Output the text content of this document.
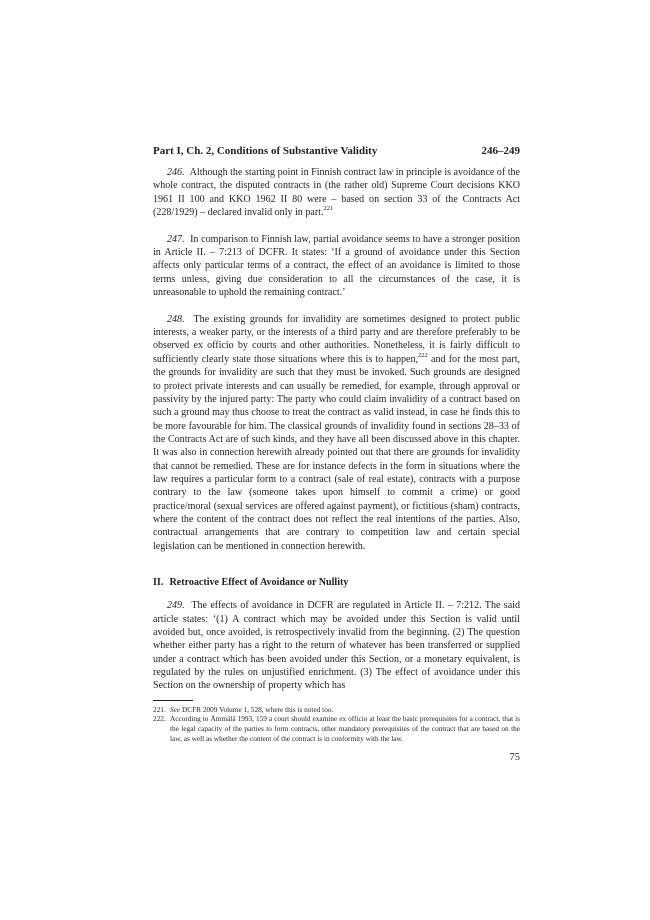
Part I, Ch. 2, Conditions of Substantive Validity	246–249

246. Although the starting point in Finnish contract law in principle is avoidance of the whole contract, the disputed contracts in (the rather old) Supreme Court decisions KKO 1961 II 100 and KKO 1962 II 80 were – based on section 33 of the Contracts Act (228/1929) – declared invalid only in part.$^{221}$

247. In comparison to Finnish law, partial avoidance seems to have a stronger position in Article II. – 7:213 of DCFR. It states: ‘If a ground of avoidance under this Section affects only particular terms of a contract, the effect of an avoidance is limited to those terms unless, giving due consideration to all the circumstances of the case, it is unreasonable to uphold the remaining contract.’

248. The existing grounds for invalidity are sometimes designed to protect public interests, a weaker party, or the interests of a third party and are therefore preferably to be observed ex officio by courts and other authorities. Nonetheless, it is fairly difficult to sufficiently clearly state those situations where this is to happen,$^{222}$ and for the most part, the grounds for invalidity are such that they must be invoked. Such grounds are designed to protect private interests and can usually be remedied, for example, through approval or passivity by the injured party: The party who could claim invalidity of a contract based on such a ground may thus choose to treat the contract as valid instead, in case he finds this to be more favourable for him. The classical grounds of invalidity found in sections 28–33 of the Contracts Act are of such kinds, and they have all been discussed above in this chapter. It was also in connection herewith already pointed out that there are grounds for invalidity that cannot be remedied. These are for instance defects in the form in situations where the law requires a particular form to a contract (sale of real estate), contracts with a purpose contrary to the law (someone takes upon himself to commit a crime) or good practice/moral (sexual services are offered against payment), or fictitious (sham) contracts, where the content of the contract does not reflect the real intentions of the parties. Also, contractual arrangements that are contrary to competition law and certain special legislation can be mentioned in connection herewith.

II. Retroactive Effect of Avoidance or Nullity

249. The effects of avoidance in DCFR are regulated in Article II. – 7:212. The said article states: ‘(1) A contract which may be avoided under this Section is valid until avoided but, once avoided, is retrospectively invalid from the beginning. (2) The question whether either party has a right to the return of whatever has been transferred or supplied under a contract which has been avoided under this Section, or a monetary equivalent, is regulated by the rules on unjustified enrichment. (3) The effect of avoidance under this Section on the ownership of property which has

221. See DCFR 2009 Volume 1, 528, where this is noted too.
222. According to Ämmälä 1993, 159 a court should examine ex officio at least the basic prerequisites for a contract, that is the legal capacity of the parties to form contracts, other mandatory prerequisites of the contract that are based on the law, as well as whether the content of the contract is in conformity with the law.
75
